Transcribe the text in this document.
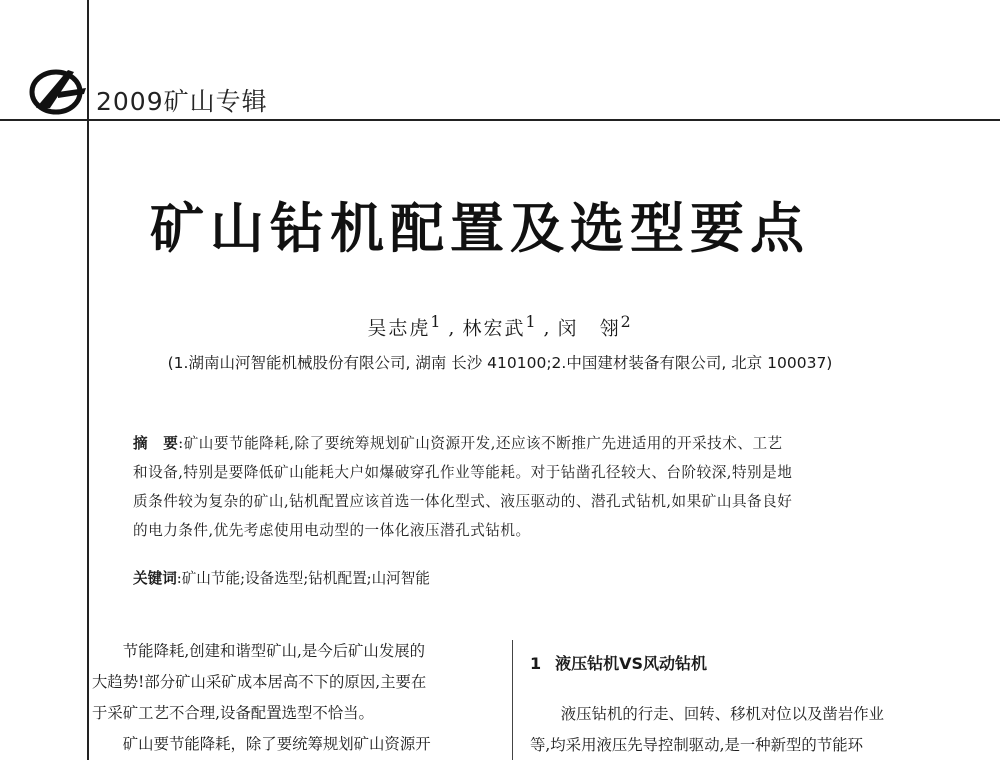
2009矿山专辑
矿山钻机配置及选型要点
吴志虎$^1$ , 林宏武$^1$ , 闵　翎$^2$
(1.湖南山河智能机械股份有限公司, 湖南 长沙 410100;2.中国建材装备有限公司, 北京 100037)
摘　要:矿山要节能降耗,除了要统筹规划矿山资源开发,还应该不断推广先进适用的开采技术、工艺
和设备,特别是要降低矿山能耗大户如爆破穿孔作业等能耗。对于钻凿孔径较大、台阶较深,特别是地
质条件较为复杂的矿山,钻机配置应该首选一体化型式、液压驱动的、潜孔式钻机,如果矿山具备良好
的电力条件,优先考虑使用电动型的一体化液压潜孔式钻机。
关键词:矿山节能;设备选型;钻机配置;山河智能
　　节能降耗,创建和谐型矿山,是今后矿山发展的
大趋势!部分矿山采矿成本居高不下的原因,主要在
于采矿工艺不合理,设备配置选型不恰当。
　　矿山要节能降耗，除了要统筹规划矿山资源开
1 液压钻机VS风动钻机
　　液压钻机的行走、回转、移机对位以及凿岩作业
等,均采用液压先导控制驱动,是一种新型的节能环
